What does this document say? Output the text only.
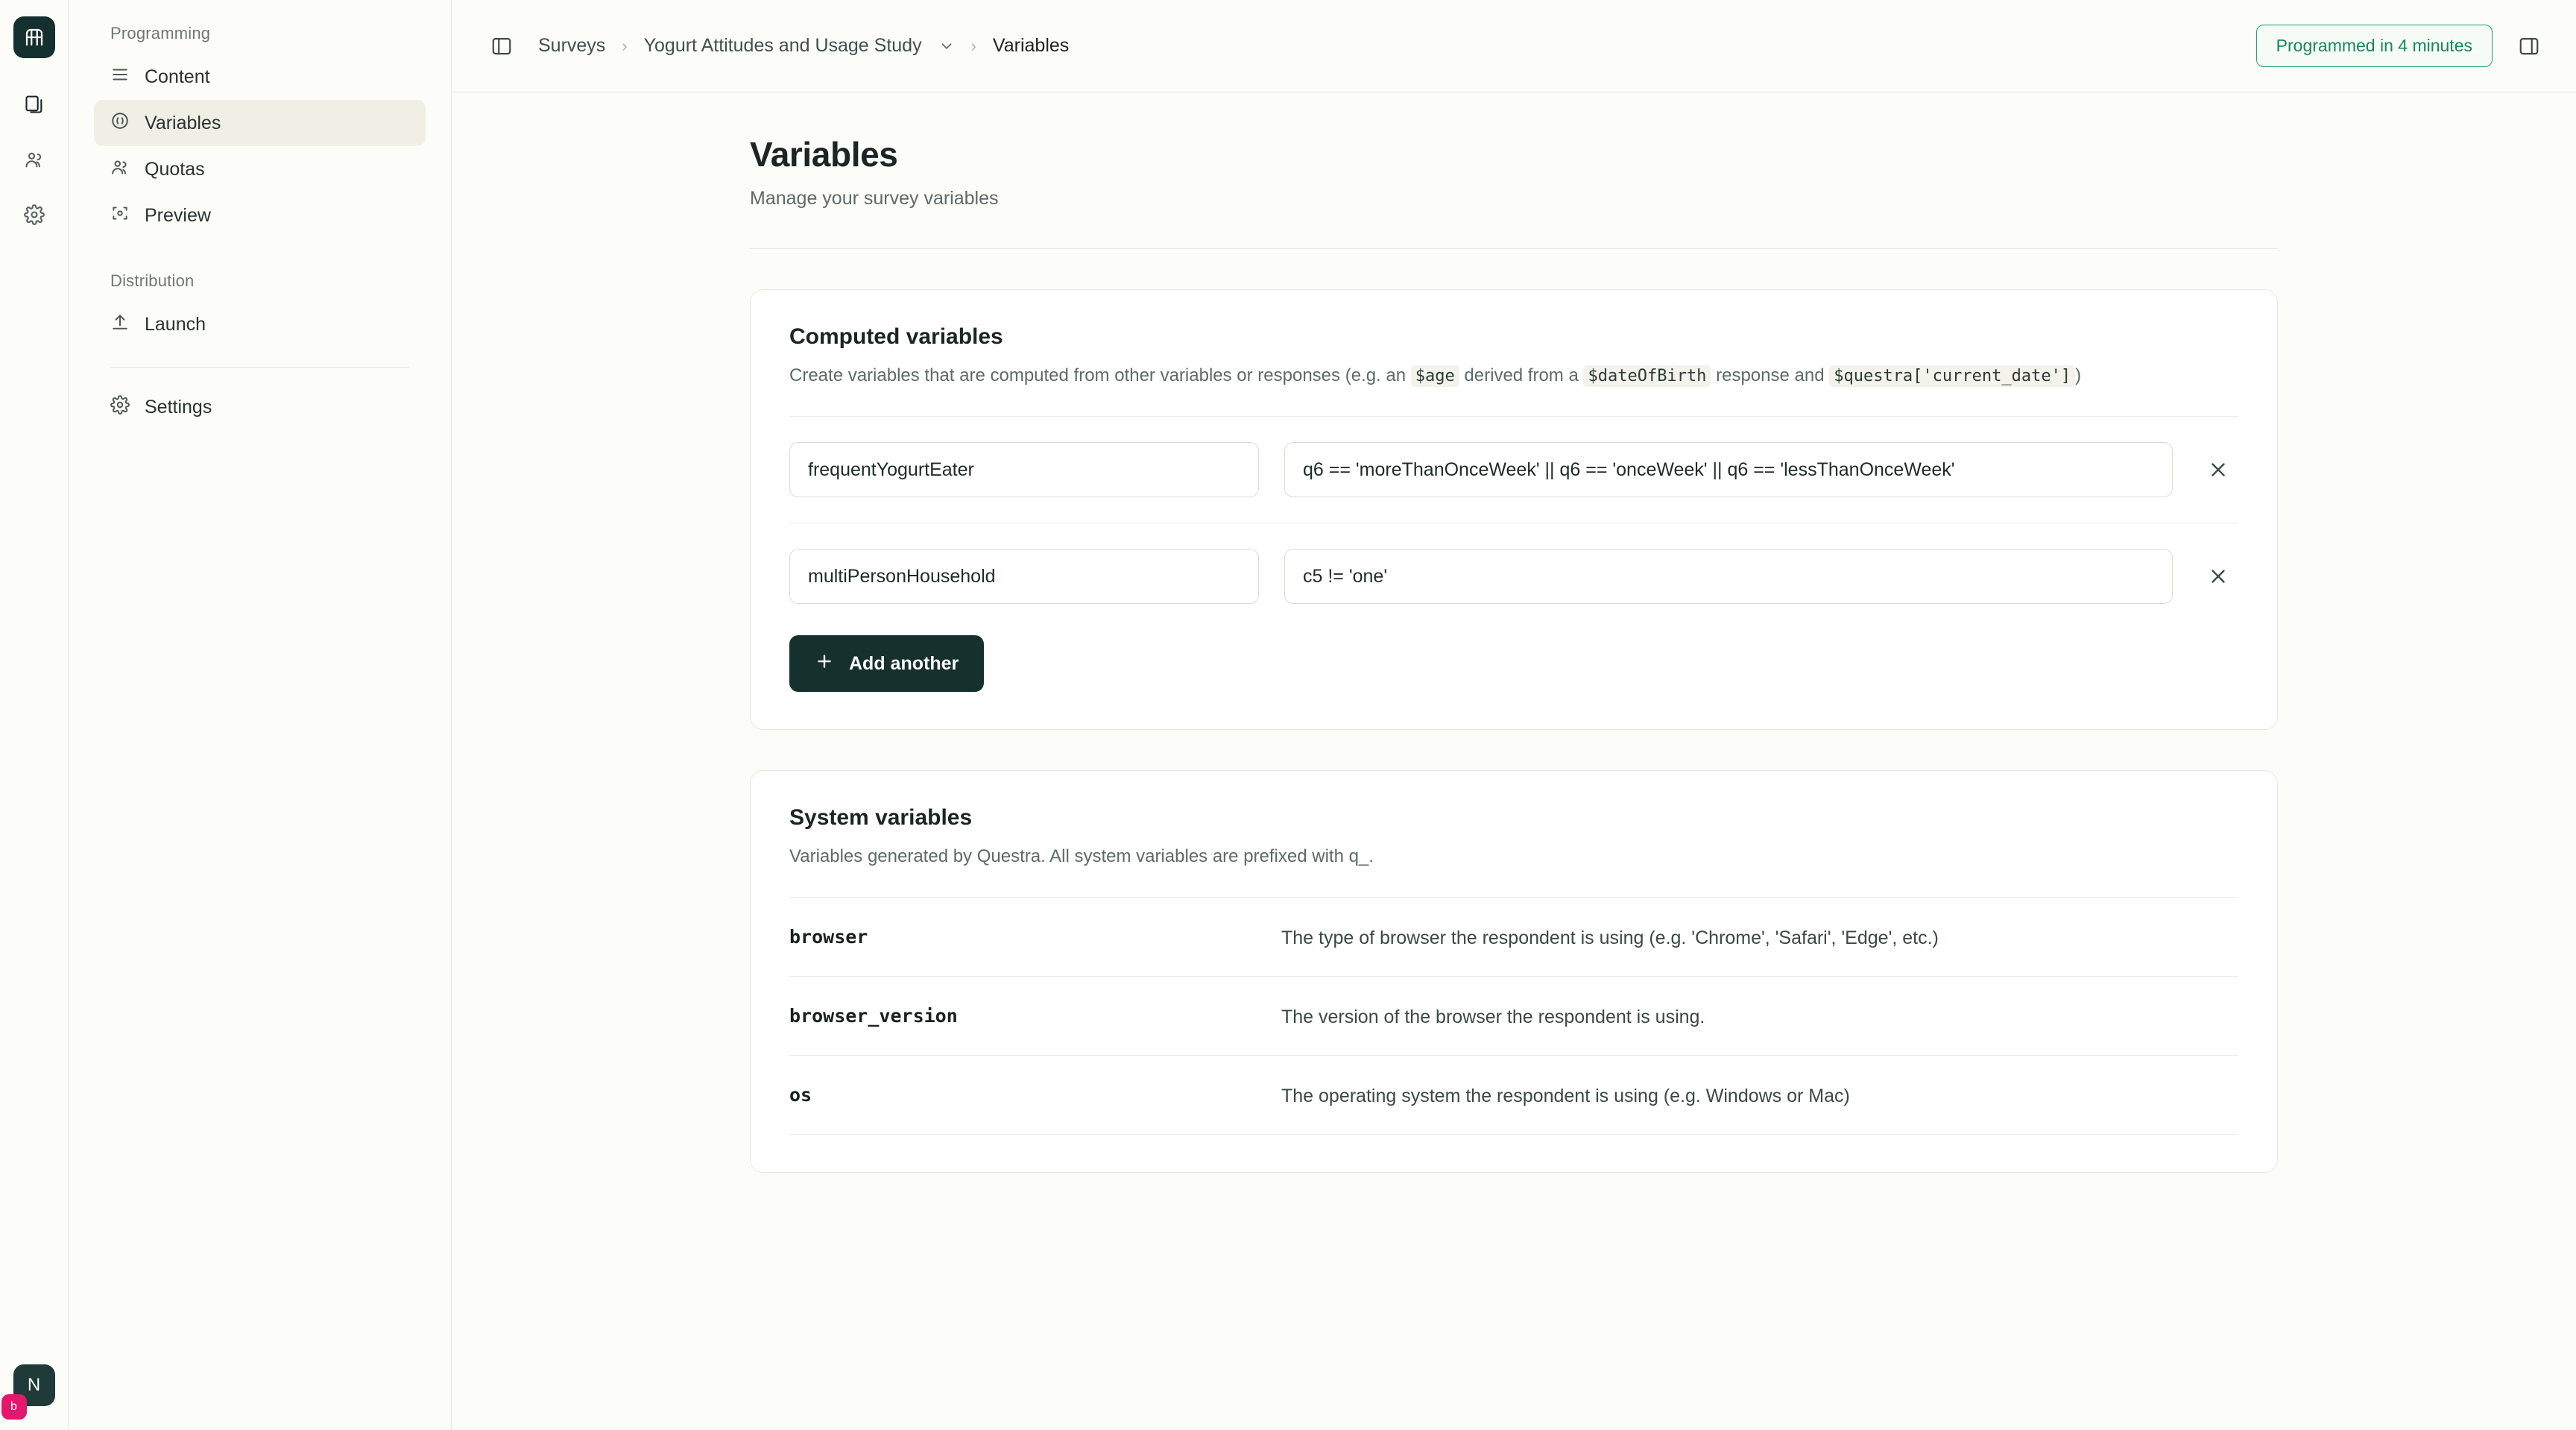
N
b
Programming
Content
Variables
Quotas
Preview
Distribution
Launch
Settings
Surveys › Yogurt Attitudes and Usage Study	› Variables	Programmed in 4 minutes
Variables
Manage your survey variables
Computed variables
Create variables that are computed from other variables or responses (e.g. an $age derived from a $dateOfBirth response and $questra['current_date'] )
frequentYogurtEater	q6 == 'moreThanOnceWeek' || q6 == 'onceWeek' || q6 == 'lessThanOnceWeek'
multiPersonHousehold	c5 != 'one'
Add another
System variables
Variables generated by Questra. All system variables are prefixed with q_.
browser	The type of browser the respondent is using (e.g. 'Chrome', 'Safari', 'Edge', etc.)
browser_version	The version of the browser the respondent is using.
os	The operating system the respondent is using (e.g. Windows or Mac)
